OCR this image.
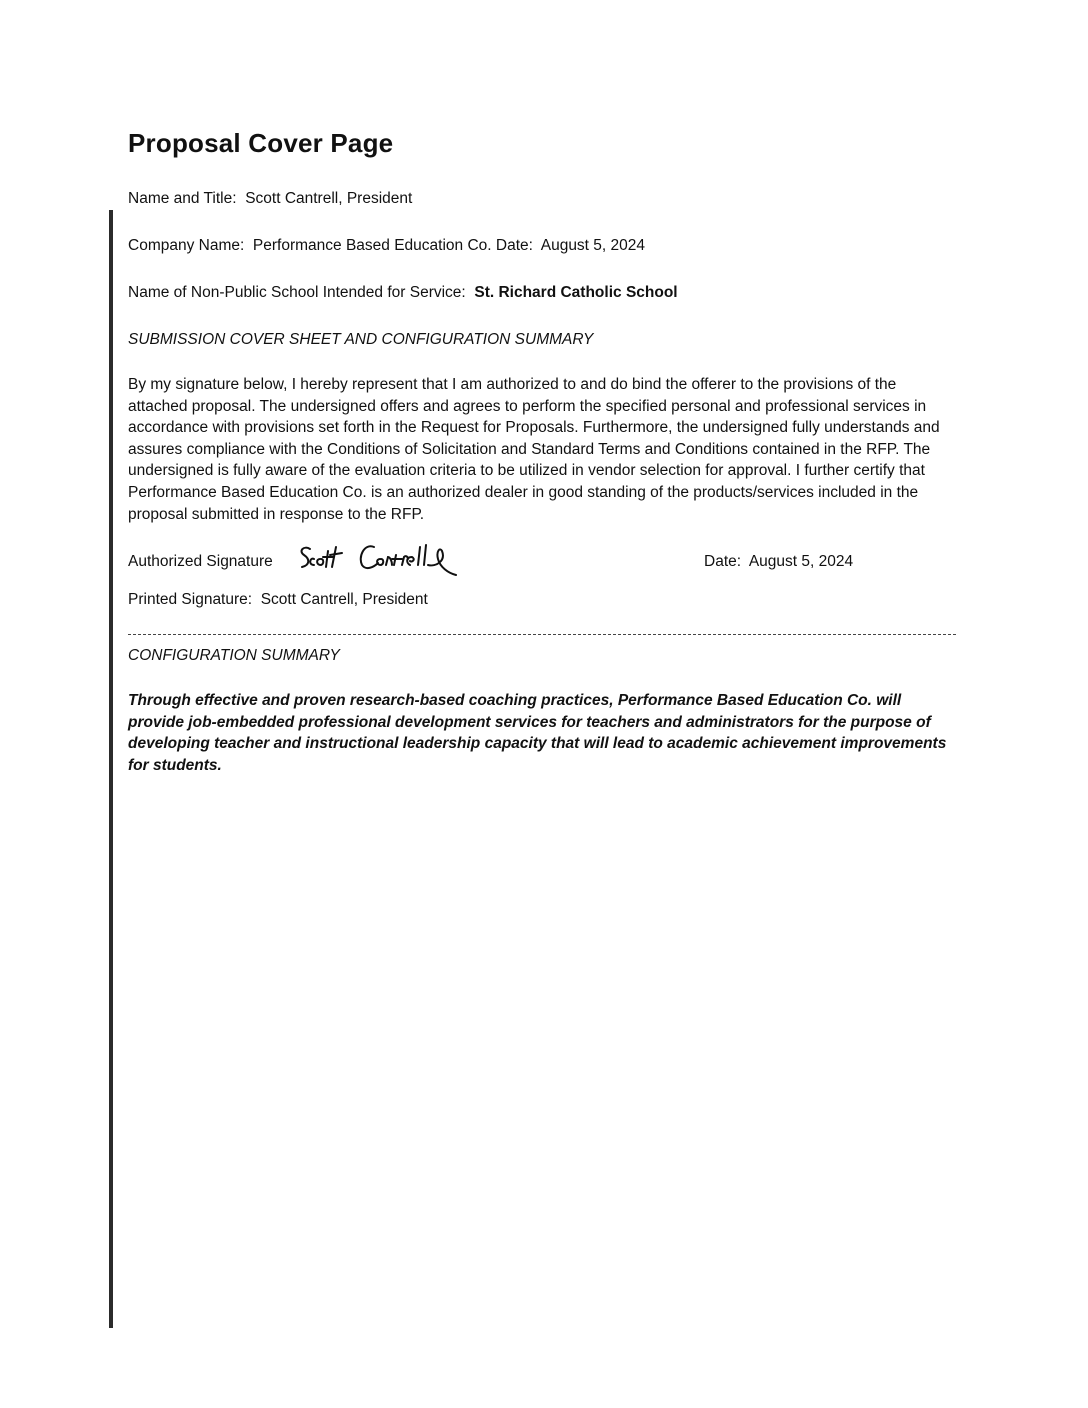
Proposal Cover Page

Name and Title: Scott Cantrell, President

Company Name: Performance Based Education Co. Date: August 5, 2024

Name of Non-Public School Intended for Service: St. Richard Catholic School

SUBMISSION COVER SHEET AND CONFIGURATION SUMMARY

By my signature below, I hereby represent that I am authorized to and do bind the offerer to the provisions of the attached proposal. The undersigned offers and agrees to perform the specified personal and professional services in accordance with provisions set forth in the Request for Proposals. Furthermore, the undersigned fully understands and assures compliance with the Conditions of Solicitation and Standard Terms and Conditions contained in the RFP. The undersigned is fully aware of the evaluation criteria to be utilized in vendor selection for approval. I further certify that Performance Based Education Co. is an authorized dealer in good standing of the products/services included in the proposal submitted in response to the RFP.

Authorized Signature	Date: August 5, 2024

Printed Signature: Scott Cantrell, President

CONFIGURATION SUMMARY

Through effective and proven research-based coaching practices, Performance Based Education Co. will provide job-embedded professional development services for teachers and administrators for the purpose of developing teacher and instructional leadership capacity that will lead to academic achievement improvements for students.
